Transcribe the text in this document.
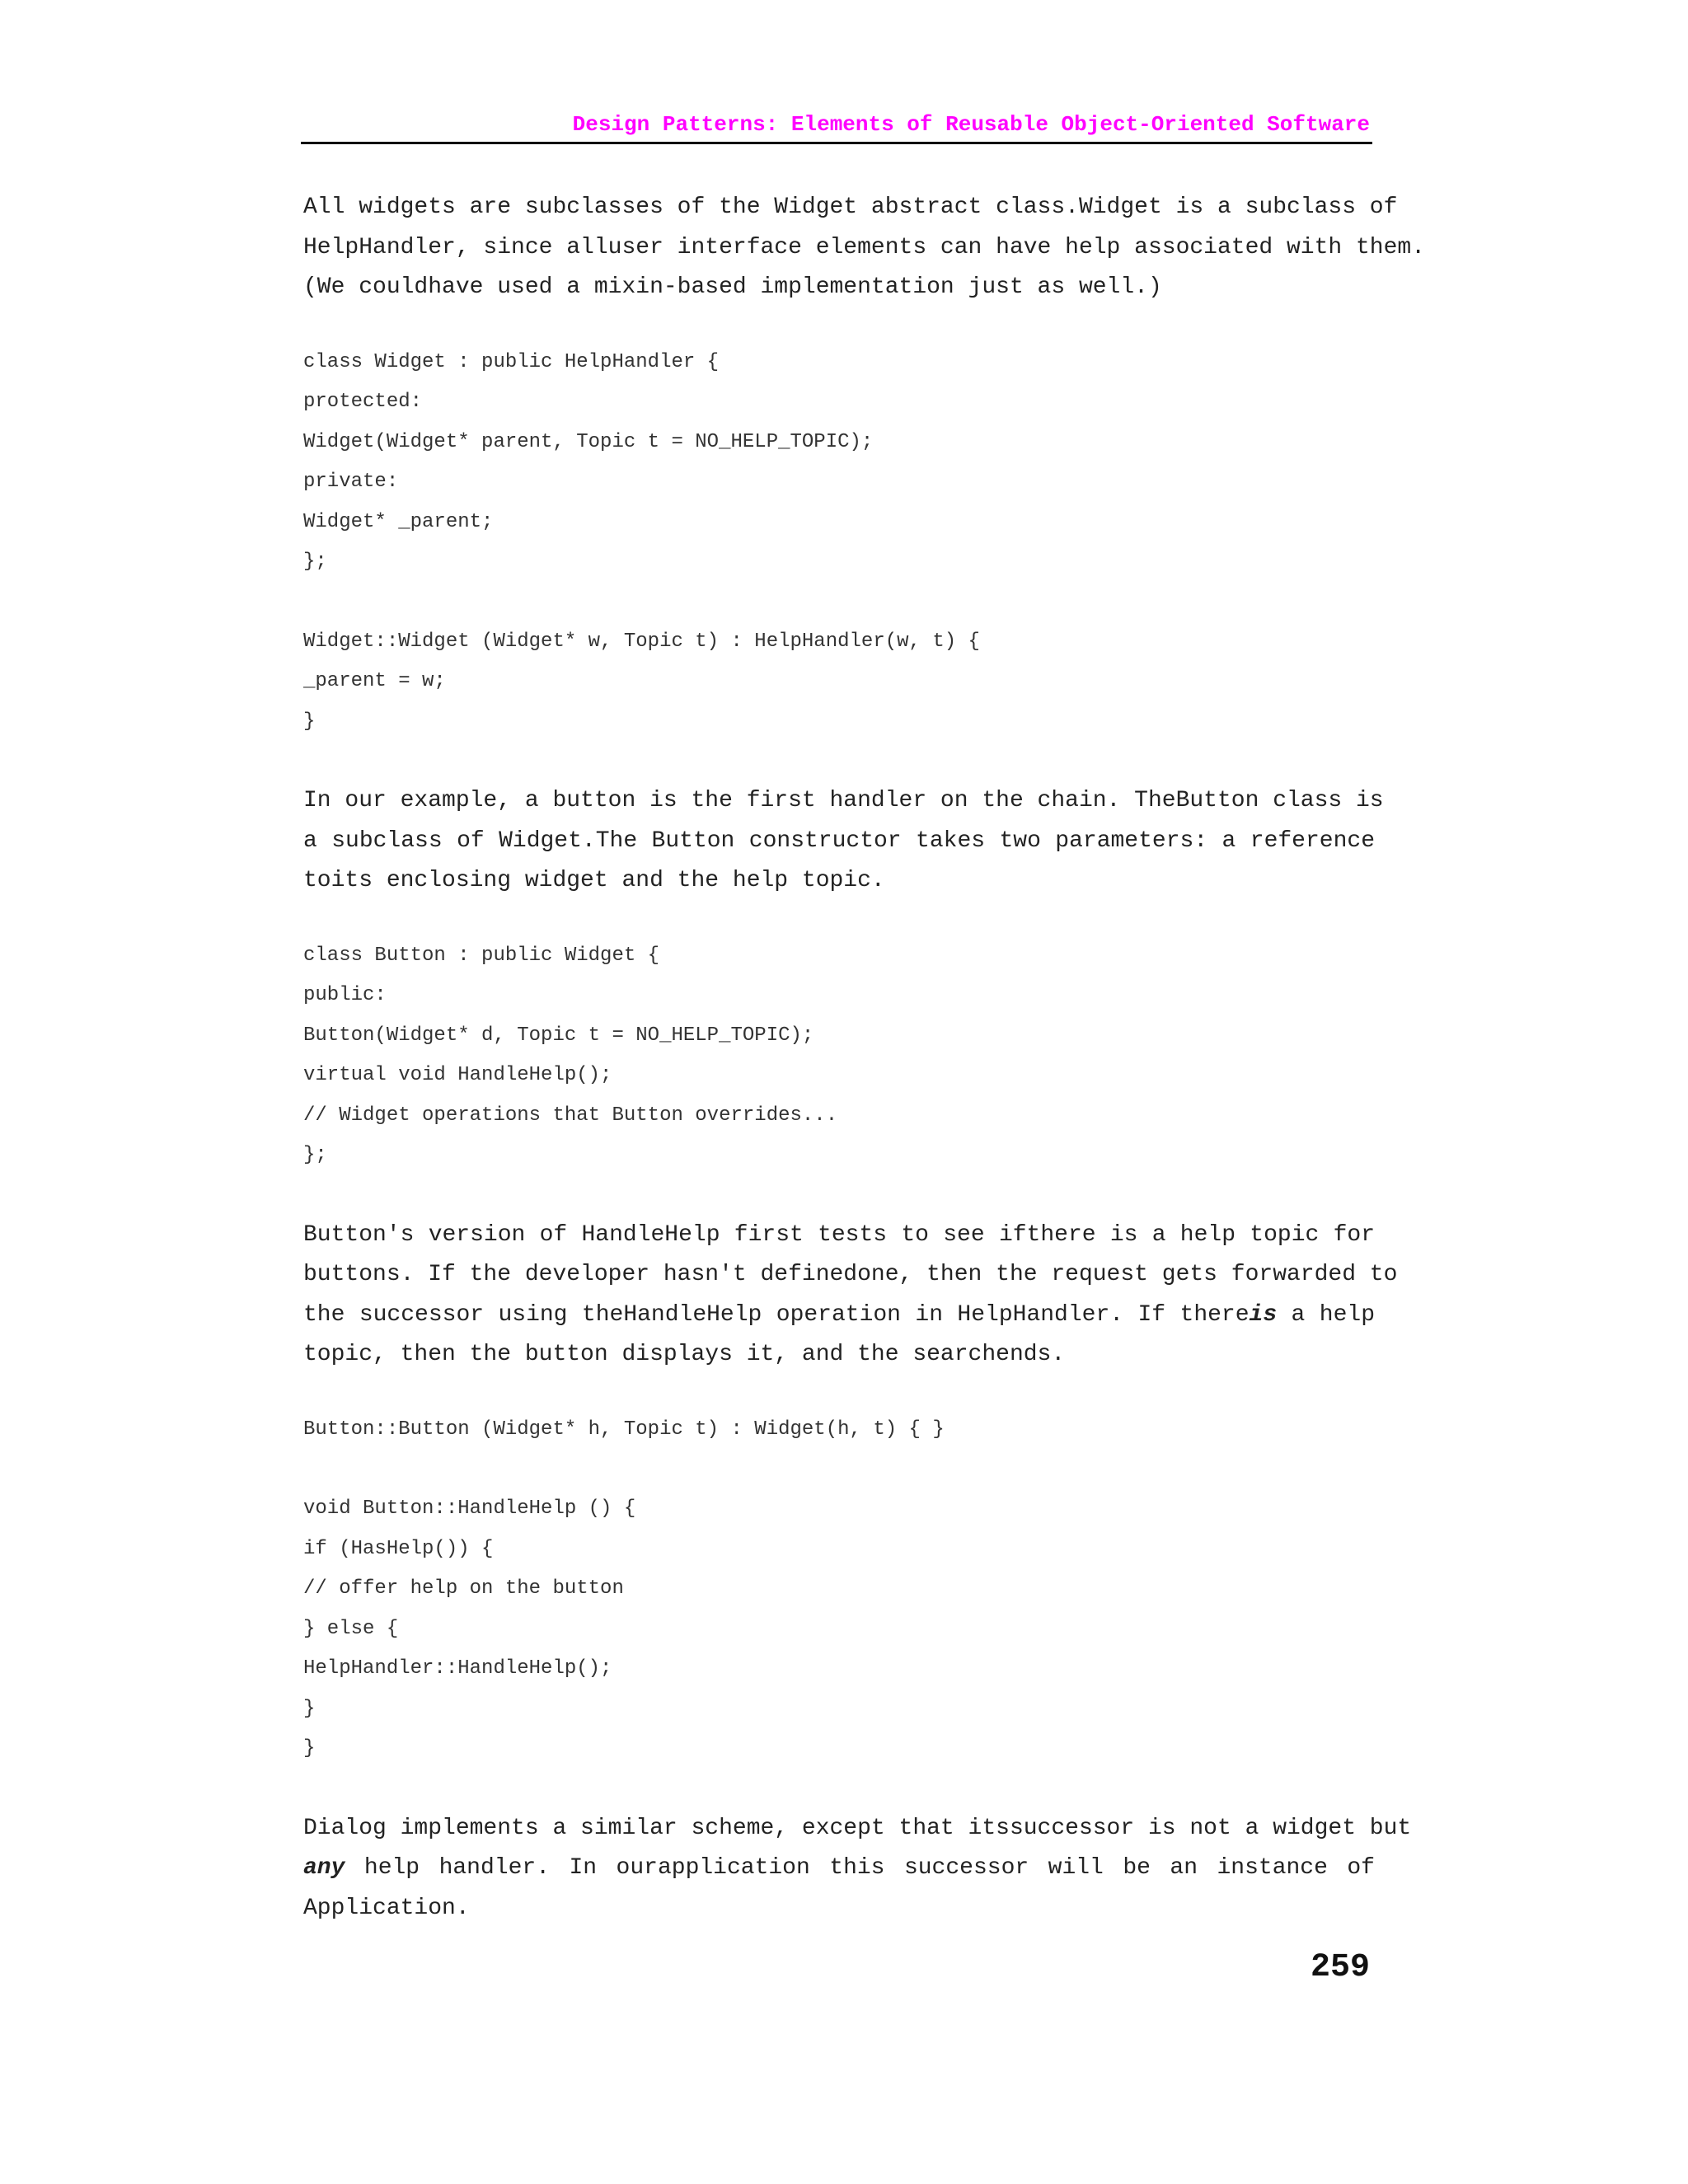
Design Patterns: Elements of Reusable Object-Oriented Software

All widgets are subclasses of the Widget abstract class.Widget is a subclass of
HelpHandler, since alluser interface elements can have help associated with them.
(We couldhave used a mixin-based implementation just as well.)

class Widget : public HelpHandler {
protected:
Widget(Widget* parent, Topic t = NO_HELP_TOPIC);
private:
Widget* _parent;
};
Widget::Widget (Widget* w, Topic t) : HelpHandler(w, t) {
_parent = w;
}

In our example, a button is the first handler on the chain. TheButton class is
a subclass of Widget.The Button constructor takes two parameters: a reference
toits enclosing widget and the help topic.

class Button : public Widget {
public:
Button(Widget* d, Topic t = NO_HELP_TOPIC);
virtual void HandleHelp();
// Widget operations that Button overrides...
};

Button's version of HandleHelp first tests to see ifthere is a help topic for
buttons. If the developer hasn't definedone, then the request gets forwarded to
the successor using theHandleHelp operation in HelpHandler. If thereis a help
topic, then the button displays it, and the searchends.

Button::Button (Widget* h, Topic t) : Widget(h, t) { }
void Button::HandleHelp () {
if (HasHelp()) {
// offer help on the button
} else {
HelpHandler::HandleHelp();
}
}

Dialog implements a similar scheme, except that itssuccessor is not a widget but
any help handler. In ourapplication this successor will be an instance of
Application.

259
